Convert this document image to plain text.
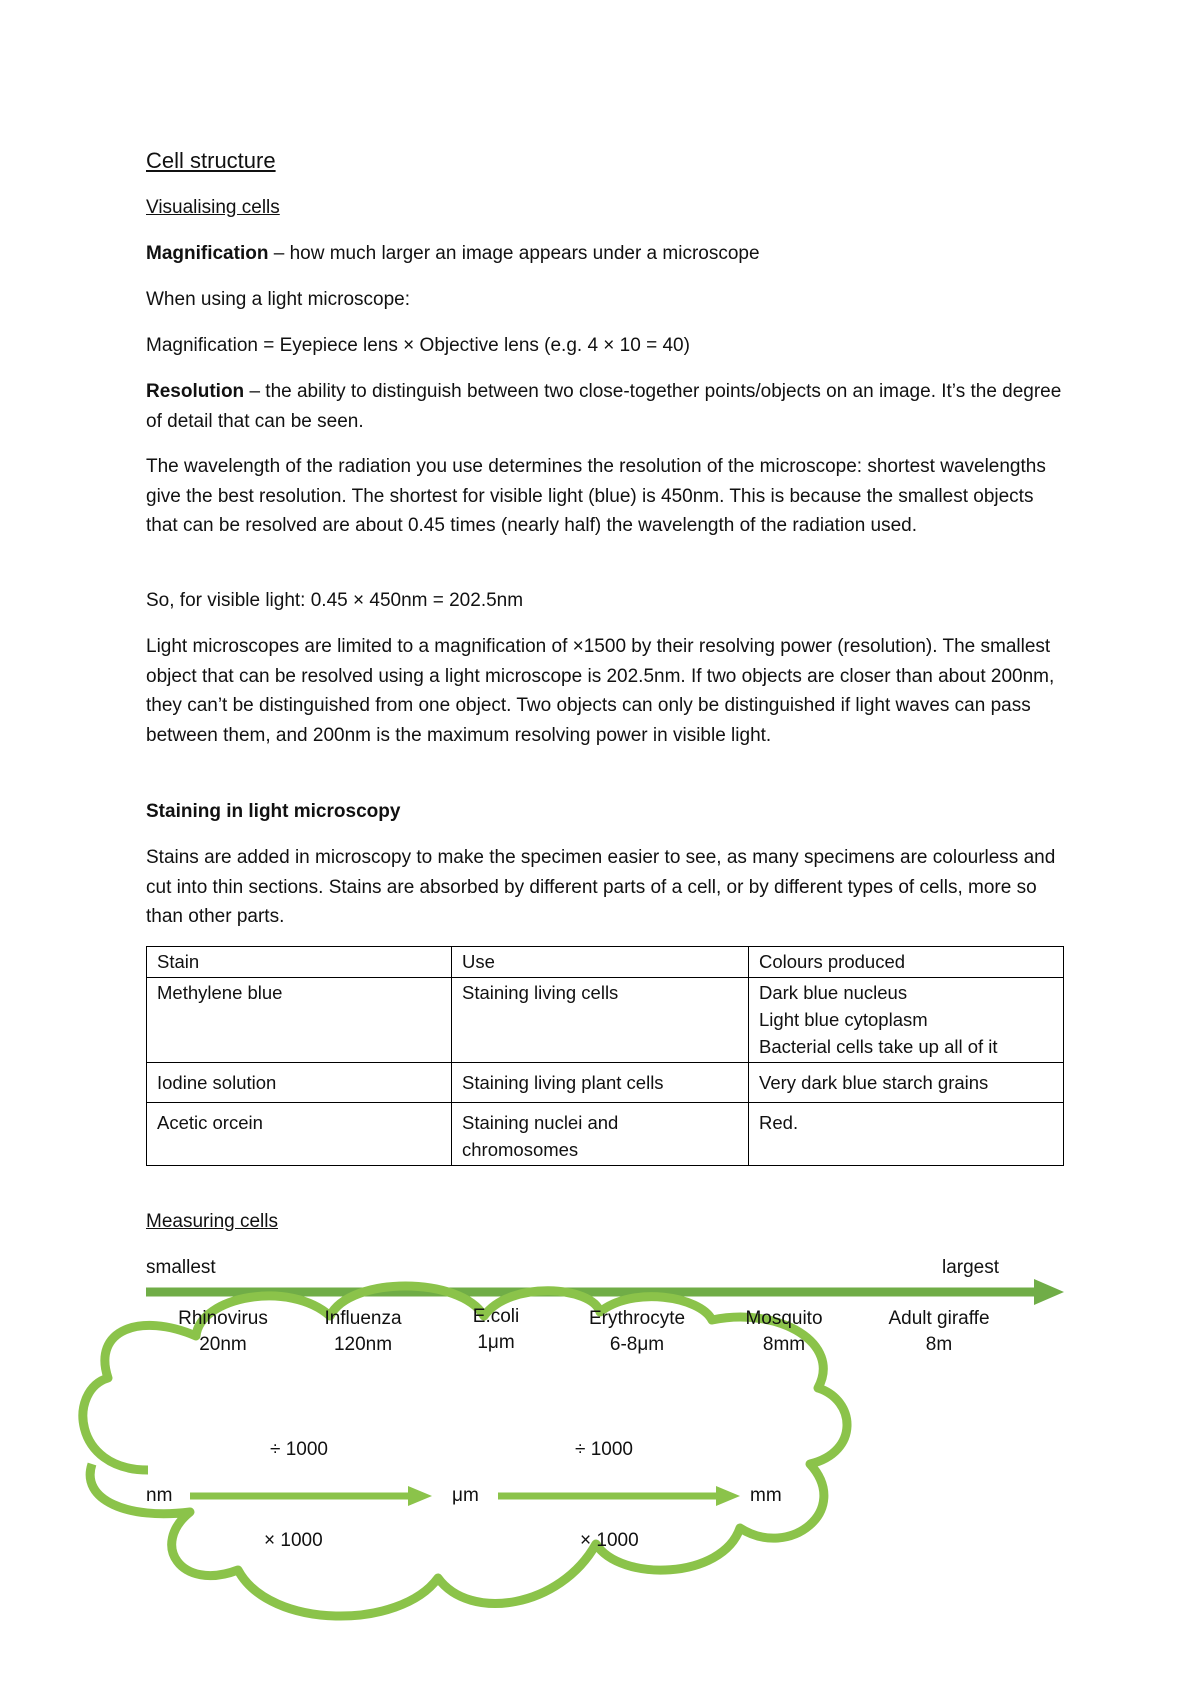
Cell structure
Visualising cells
Magnification – how much larger an image appears under a microscope
When using a light microscope:
Magnification = Eyepiece lens × Objective lens (e.g. 4 × 10 = 40)
Resolution – the ability to distinguish between two close-together points/objects on an image. It’s the degree of detail that can be seen.
The wavelength of the radiation you use determines the resolution of the microscope: shortest wavelengths give the best resolution. The shortest for visible light (blue) is 450nm. This is because the smallest objects that can be resolved are about 0.45 times (nearly half) the wavelength of the radiation used.
So, for visible light: 0.45 × 450nm = 202.5nm
Light microscopes are limited to a magnification of ×1500 by their resolving power (resolution). The smallest object that can be resolved using a light microscope is 202.5nm. If two objects are closer than about 200nm, they can’t be distinguished from one object. Two objects can only be distinguished if light waves can pass between them, and 200nm is the maximum resolving power in visible light.
Staining in light microscopy
Stains are added in microscopy to make the specimen easier to see, as many specimens are colourless and cut into thin sections. Stains are absorbed by different parts of a cell, or by different types of cells, more so than other parts.
Stain	Use	Colours produced
Methylene blue	Staining living cells	Dark blue nucleus
Light blue cytoplasm
Bacterial cells take up all of it

Iodine solution	Staining living plant cells	Very dark blue starch grains
Acetic orcein	Staining nuclei and chromosomes	Red.
Measuring cells
smallest	largest
Rhinovirus
20nm
Influenza
120nm
E.coli
1μm
Erythrocyte
6-8μm
Mosquito
8mm
Adult giraffe
8m
÷ 1000	÷ 1000
nm	μm	mm
× 1000	× 1000
